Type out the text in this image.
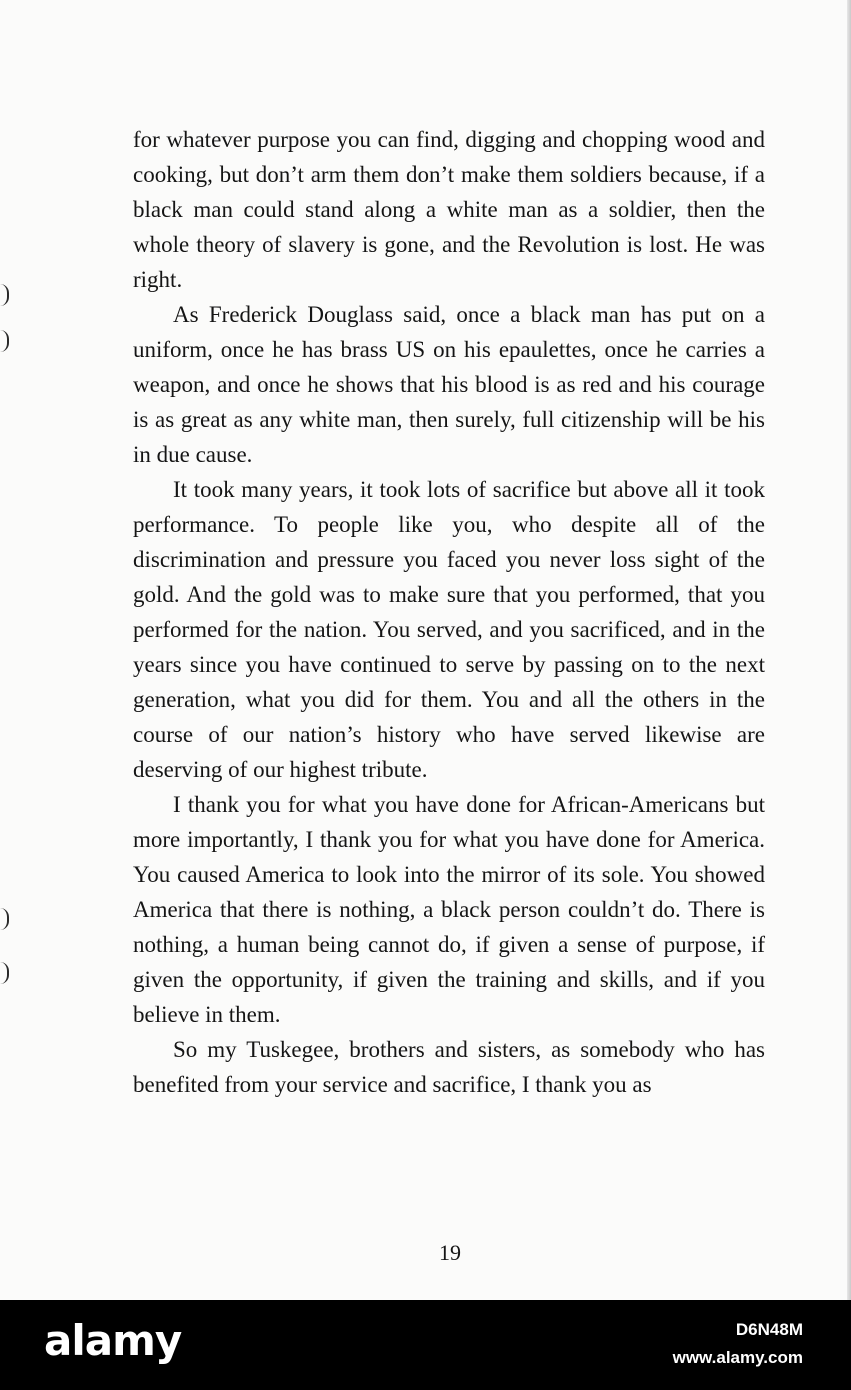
for whatever purpose you can find, digging and chopping wood and cooking, but don’t arm them don’t make them soldiers because, if a black man could stand along a white man as a soldier, then the whole theory of slavery is gone, and the Revolution is lost. He was right.

As Frederick Douglass said, once a black man has put on a uniform, once he has brass US on his epaulettes, once he carries a weapon, and once he shows that his blood is as red and his courage is as great as any white man, then surely, full citizenship will be his in due cause.

It took many years, it took lots of sacrifice but above all it took performance. To people like you, who despite all of the discrimination and pressure you faced you never loss sight of the gold. And the gold was to make sure that you performed, that you performed for the nation. You served, and you sacrificed, and in the years since you have continued to serve by passing on to the next generation, what you did for them. You and all the others in the course of our nation’s history who have served likewise are deserving of our highest tribute.

I thank you for what you have done for African-Americans but more importantly, I thank you for what you have done for America. You caused America to look into the mirror of its sole. You showed America that there is nothing, a black person couldn’t do. There is nothing, a human being cannot do, if given a sense of purpose, if given the opportunity, if given the training and skills, and if you believe in them.

So my Tuskegee, brothers and sisters, as somebody who has benefited from your service and sacrifice, I thank you as

19
alamy	D6N48M
www.alamy.com
